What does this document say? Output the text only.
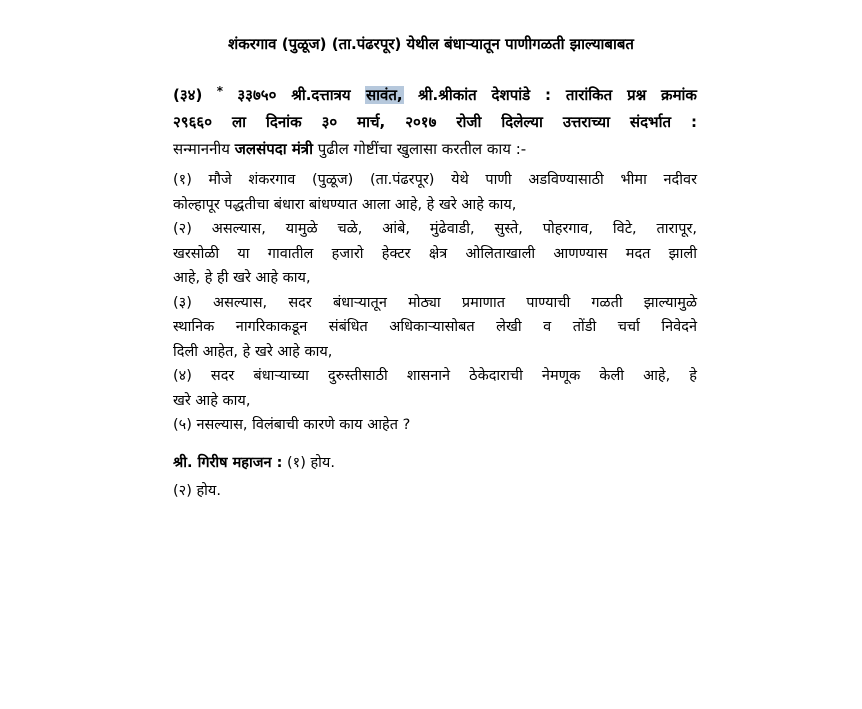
शंकरगाव (पुळूज) (ता.पंढरपूर) येथील बंधाऱ्यातून पाणीगळती झाल्याबाबत
(३४) * ३३७५० श्री.दत्तात्रय सावंत, श्री.श्रीकांत देशपांडे : तारांकित प्रश्न क्रमांक
२९६६० ला दिनांक ३० मार्च, २०१७ रोजी दिलेल्या उत्तराच्या संदर्भात :
सन्माननीय जलसंपदा मंत्री पुढील गोष्टींचा खुलासा करतील काय :-
(१) मौजे शंकरगाव (पुळूज) (ता.पंढरपूर) येथे पाणी अडविण्यासाठी भीमा नदीवर
कोल्हापूर पद्धतीचा बंधारा बांधण्यात आला आहे, हे खरे आहे काय,
(२) असल्यास, यामुळे चळे, आंबे, मुंढेवाडी, सुस्ते, पोहरगाव, विटे, तारापूर,
खरसोळी या गावातील हजारो हेक्टर क्षेत्र ओलिताखाली आणण्यास मदत झाली
आहे, हे ही खरे आहे काय,
(३) असल्यास, सदर बंधाऱ्यातून मोठ्या प्रमाणात पाण्याची गळती झाल्यामुळे
स्थानिक नागरिकाकडून संबंधित अधिकाऱ्यासोबत लेखी व तोंडी चर्चा निवेदने
दिली आहेत, हे खरे आहे काय,
(४) सदर बंधाऱ्याच्या दुरुस्तीसाठी शासनाने ठेकेदाराची नेमणूक केली आहे, हे
खरे आहे काय,
(५) नसल्यास, विलंबाची कारणे काय आहेत ?
श्री. गिरीष महाजन : (१) होय.
(२) होय.
